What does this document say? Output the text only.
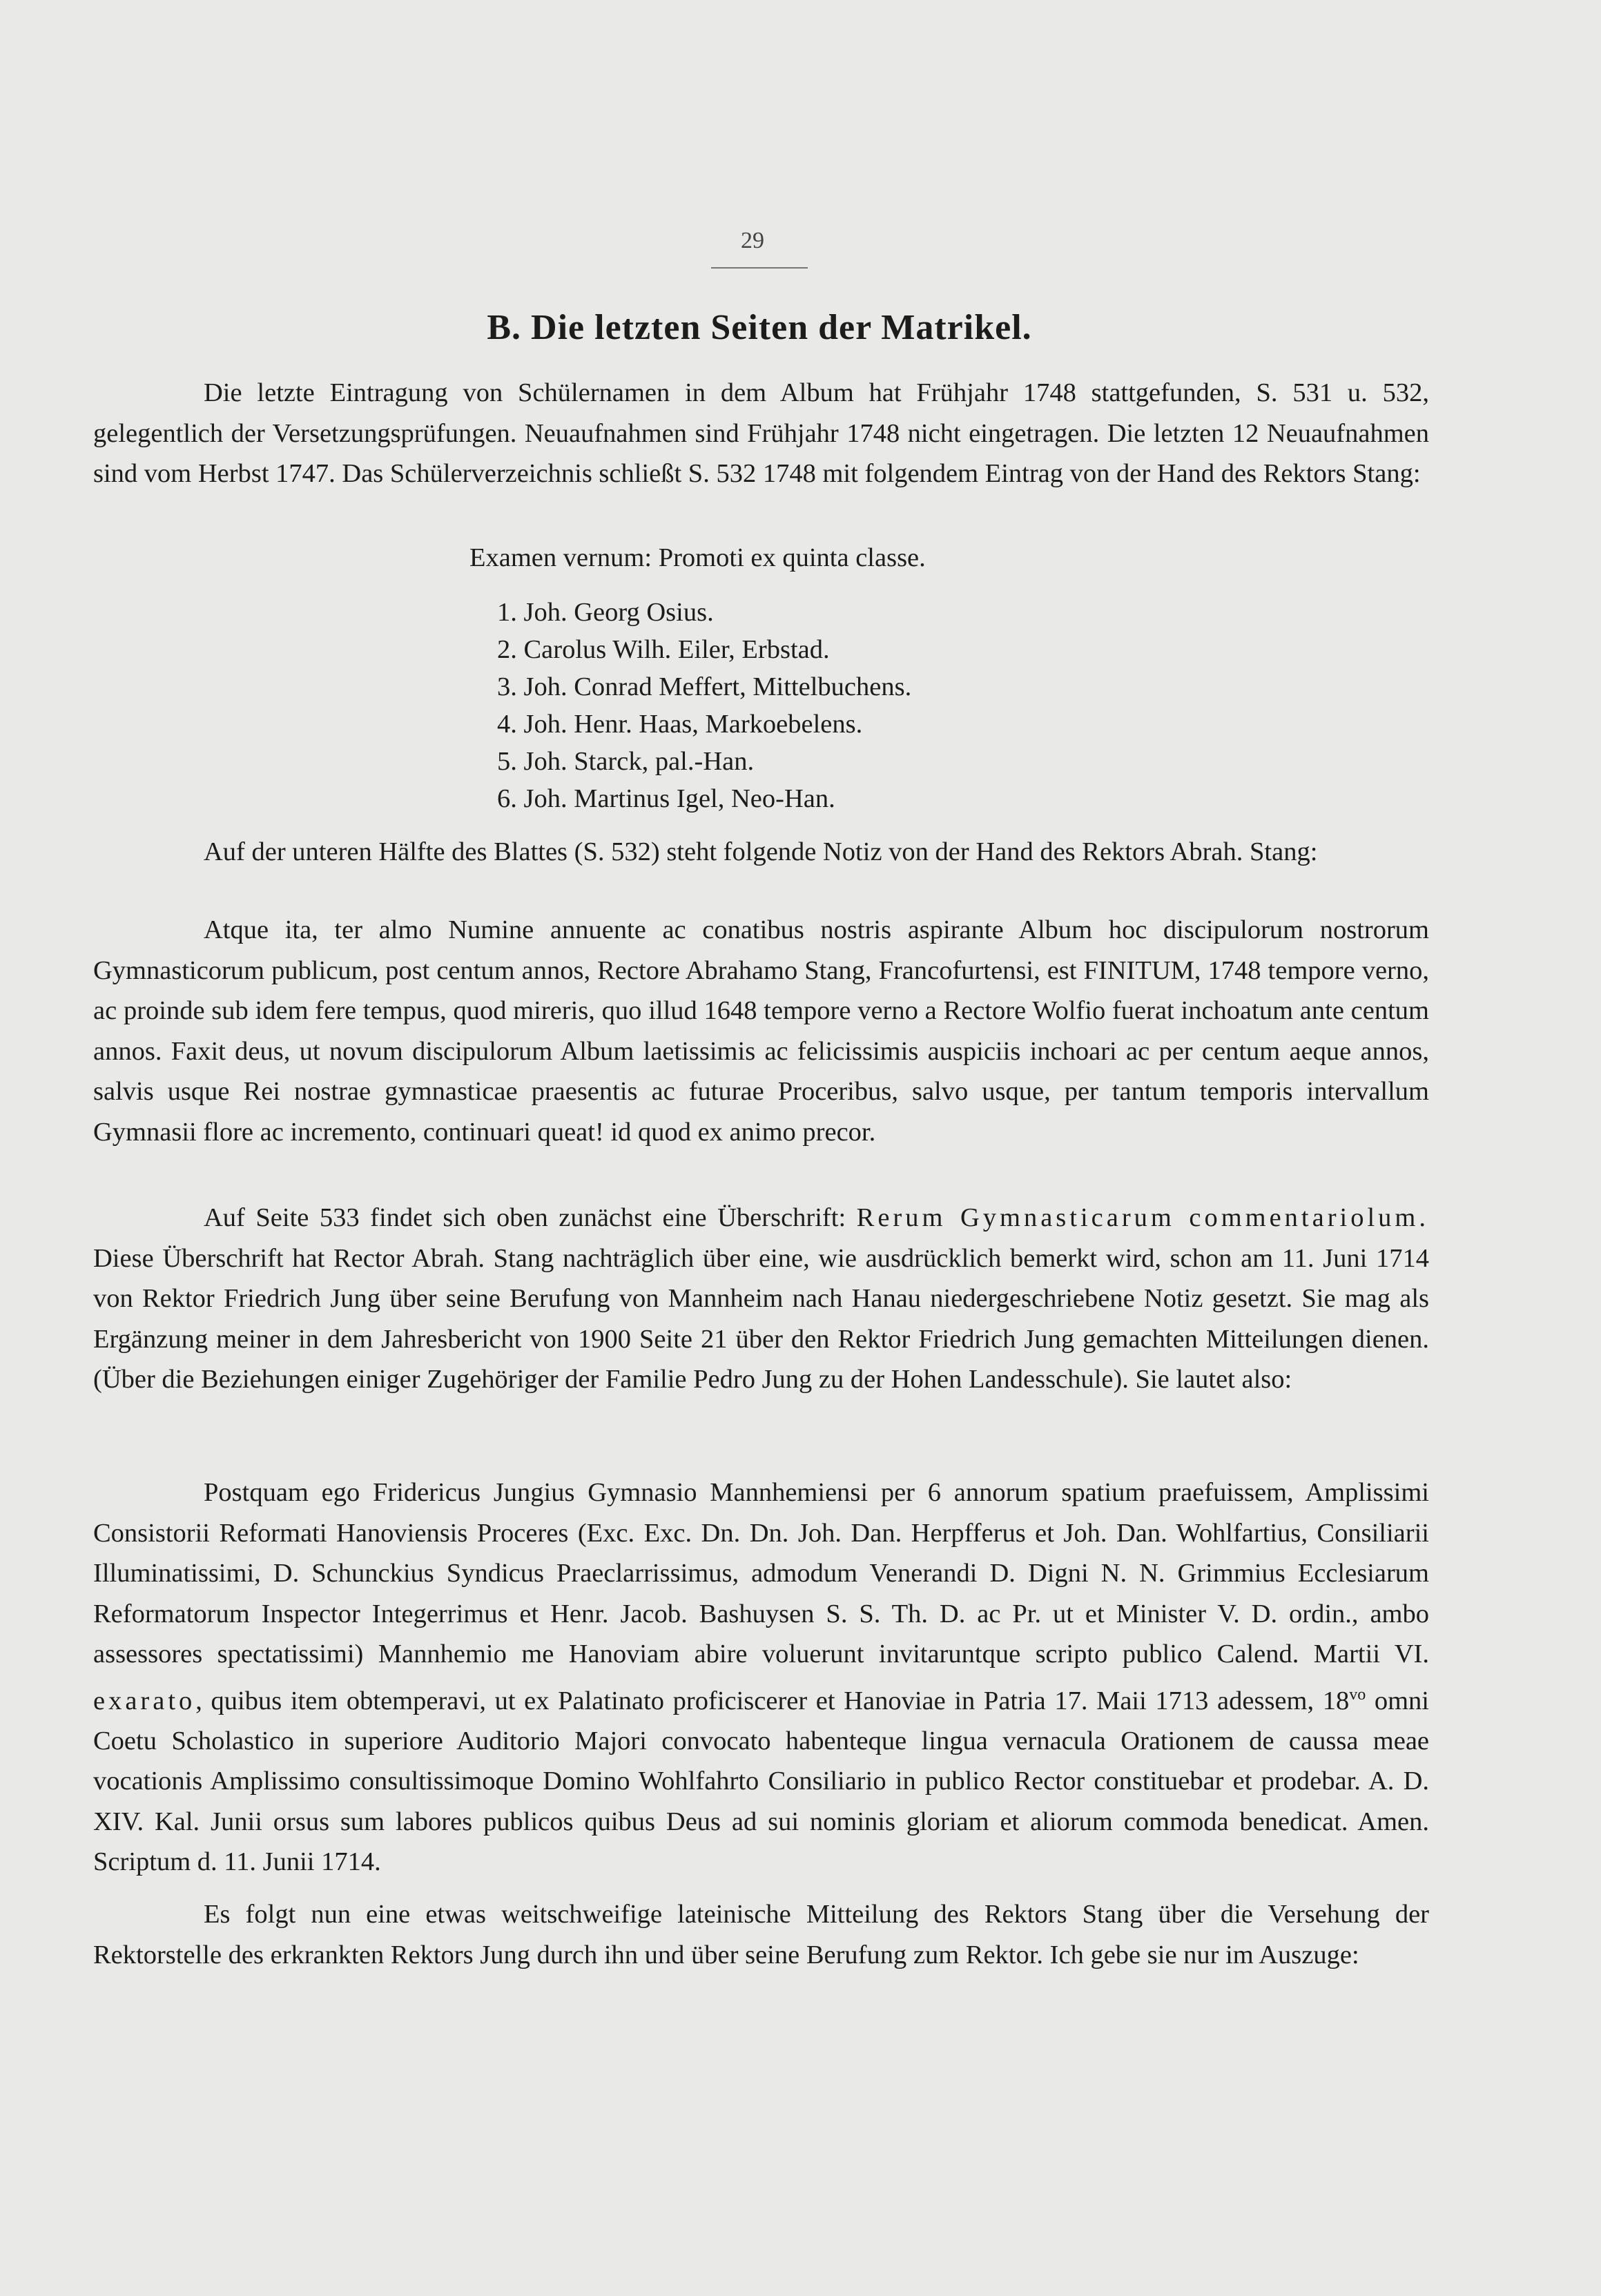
29
B. Die letzten Seiten der Matrikel.

Die letzte Eintragung von Schülernamen in dem Album hat Frühjahr 1748 stattgefunden, S. 531 u. 532, gelegentlich der Versetzungsprüfungen. Neuaufnahmen sind Frühjahr 1748 nicht eingetragen. Die letzten 12 Neuaufnahmen sind vom Herbst 1747. Das Schülerverzeichnis schließt S. 532 1748 mit folgendem Eintrag von der Hand des Rektors Stang:

Examen vernum: Promoti ex quinta classe.
1. Joh. Georg Osius.
2. Carolus Wilh. Eiler, Erbstad.
3. Joh. Conrad Meffert, Mittelbuchens.
4. Joh. Henr. Haas, Markoebelens.
5. Joh. Starck, pal.-Han.
6. Joh. Martinus Igel, Neo-Han.

Auf der unteren Hälfte des Blattes (S. 532) steht folgende Notiz von der Hand des Rektors Abrah. Stang:

Atque ita, ter almo Numine annuente ac conatibus nostris aspirante Album hoc discipulorum nostrorum Gymnasticorum publicum, post centum annos, Rectore Abrahamo Stang, Francofurtensi, est FINITUM, 1748 tempore verno, ac proinde sub idem fere tempus, quod mireris, quo illud 1648 tempore verno a Rectore Wolfio fuerat inchoatum ante centum annos. Faxit deus, ut novum discipulorum Album laetissimis ac felicissimis auspiciis inchoari ac per centum aeque annos, salvis usque Rei nostrae gymnasticae praesentis ac futurae Proceribus, salvo usque, per tantum temporis intervallum Gymnasii flore ac incremento, continuari queat! id quod ex animo precor.

Auf Seite 533 findet sich oben zunächst eine Überschrift: Rerum Gymnasticarum commentariolum. Diese Überschrift hat Rector Abrah. Stang nachträglich über eine, wie ausdrücklich bemerkt wird, schon am 11. Juni 1714 von Rektor Friedrich Jung über seine Berufung von Mannheim nach Hanau niedergeschriebene Notiz gesetzt. Sie mag als Ergänzung meiner in dem Jahresbericht von 1900 Seite 21 über den Rektor Friedrich Jung gemachten Mitteilungen dienen. (Über die Beziehungen einiger Zugehöriger der Familie Pedro Jung zu der Hohen Landesschule). Sie lautet also:

Postquam ego Fridericus Jungius Gymnasio Mannhemiensi per 6 annorum spatium praefuissem, Amplissimi Consistorii Reformati Hanoviensis Proceres (Exc. Exc. Dn. Dn. Joh. Dan. Herpfferus et Joh. Dan. Wohlfartius, Consiliarii Illuminatissimi, D. Schunckius Syndicus Praeclarrissimus, admodum Venerandi D. Digni N. N. Grimmius Ecclesiarum Reformatorum Inspector Integerrimus et Henr. Jacob. Bashuysen S. S. Th. D. ac Pr. ut et Minister V. D. ordin., ambo assessores spectatissimi) Mannhemio me Hanoviam abire voluerunt invitaruntque scripto publico Calend. Martii VI. exarato, quibus item obtemperavi, ut ex Palatinato proficiscerer et Hanoviae in Patria 17. Maii 1713 adessem, $18^{vo}$ omni Coetu Scholastico in superiore Auditorio Majori convocato habenteque lingua vernacula Orationem de caussa meae vocationis Amplissimo consultissimoque Domino Wohlfahrto Consiliario in publico Rector constituebar et prodebar. A. D. XIV. Kal. Junii orsus sum labores publicos quibus Deus ad sui nominis gloriam et aliorum commoda benedicat. Amen. Scriptum d. 11. Junii 1714.

Es folgt nun eine etwas weitschweifige lateinische Mitteilung des Rektors Stang über die Versehung der Rektorstelle des erkrankten Rektors Jung durch ihn und über seine Berufung zum Rektor. Ich gebe sie nur im Auszuge:
